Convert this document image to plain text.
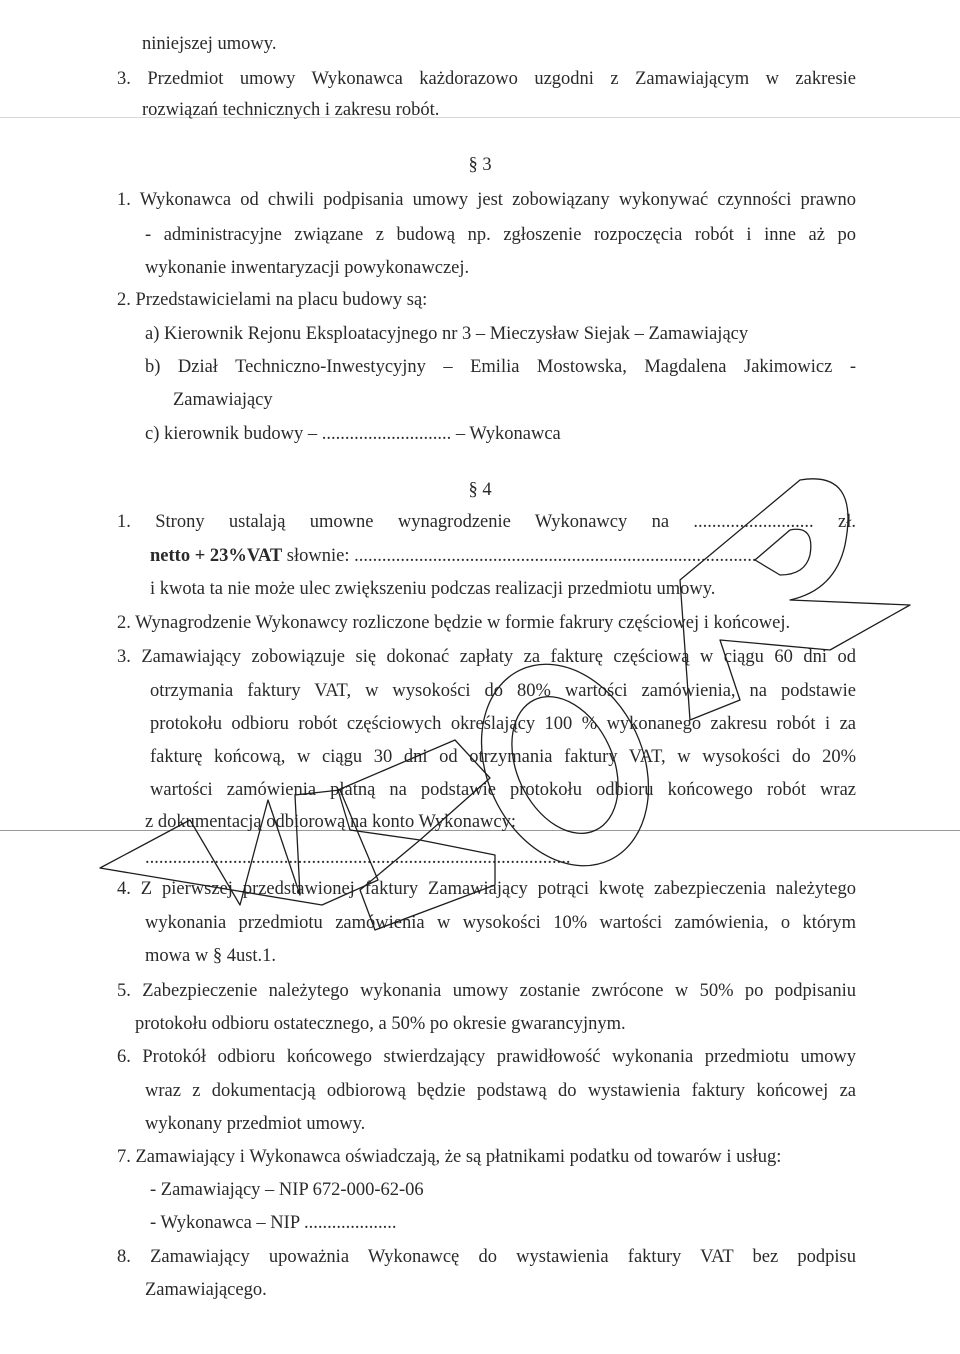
niniejszej umowy.
3. Przedmiot umowy Wykonawca każdorazowo uzgodni z Zamawiającym w zakresie
rozwiązań technicznych i zakresu robót.
§ 3
1. Wykonawca od chwili podpisania umowy jest zobowiązany wykonywać czynności prawno
- administracyjne związane z budową np. zgłoszenie rozpoczęcia robót i inne aż po
wykonanie inwentaryzacji powykonawczej.
2. Przedstawicielami na placu budowy są:
a) Kierownik Rejonu Eksploatacyjnego nr 3 – Mieczysław Siejak – Zamawiający
b) Dział Techniczno-Inwestycyjny – Emilia Mostowska, Magdalena Jakimowicz -
Zamawiający
c) kierownik budowy – ............................ – Wykonawca
§ 4
1. Strony ustalają umowne wynagrodzenie Wykonawcy na .......................... zł.
netto + 23%VAT słownie: .......................................................................................
i kwota ta nie może ulec zwiększeniu podczas realizacji przedmiotu umowy.
2. Wynagrodzenie Wykonawcy rozliczone będzie w formie fakrury częściowej i końcowej.
3. Zamawiający zobowiązuje się dokonać zapłaty za fakturę częściową w ciągu 60 dni od
otrzymania faktury VAT, w wysokości do 80% wartości zamówienia, na podstawie
protokołu odbioru robót częściowych określający 100 % wykonanego zakresu robót i za
fakturę końcową, w ciągu 30 dni od otrzymania faktury VAT, w wysokości do 20%
wartości zamówienia płatną na podstawie protokołu odbioru końcowego robót wraz
z dokumentacją odbiorową na konto Wykonawcy:
............................................................................................
4. Z pierwszej przedstawionej faktury Zamawiający potrąci kwotę zabezpieczenia należytego
wykonania przedmiotu zamówienia w wysokości 10% wartości zamówienia, o którym
mowa w § 4ust.1.
5. Zabezpieczenie należytego wykonania umowy zostanie zwrócone w 50% po podpisaniu
protokołu odbioru ostatecznego, a 50% po okresie gwarancyjnym.
6. Protokół odbioru końcowego stwierdzający prawidłowość wykonania przedmiotu umowy
wraz z dokumentacją odbiorową będzie podstawą do wystawienia faktury końcowej za
wykonany przedmiot umowy.
7. Zamawiający i Wykonawca oświadczają, że są płatnikami podatku od towarów i usług:
- Zamawiający – NIP 672-000-62-06
- Wykonawca – NIP ....................
8. Zamawiający upoważnia Wykonawcę do wystawienia faktury VAT bez podpisu
Zamawiającego.
